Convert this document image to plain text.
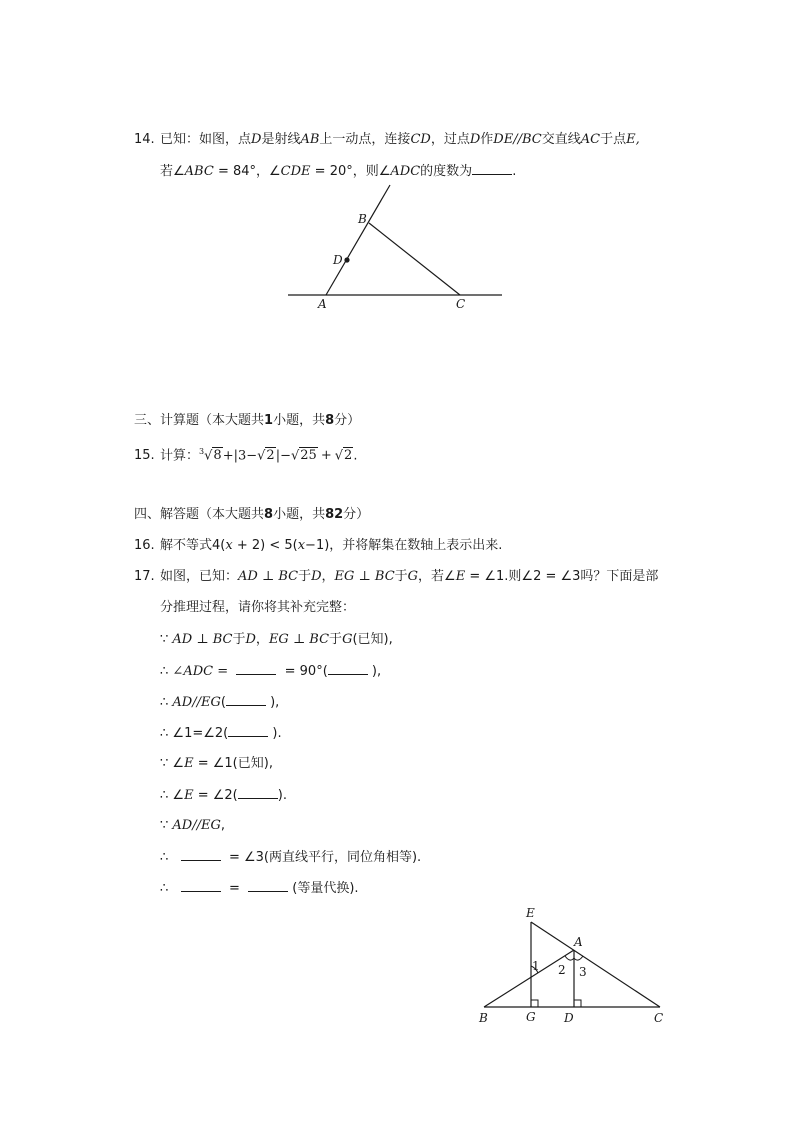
14. 已知：如图，点D是射线AB上一动点，连接CD，过点D作DE//BC交直线AC于点E,
若∠ABC = 84°，∠CDE = 20°，则∠ADC的度数为	.
B
D
A	C
三、计算题（本大题共1小题，共8分）
15. 计算：$^3$√8+|3−√2|−√25 + √2.
四、解答题（本大题共8小题，共82分）
16. 解不等式4(x + 2) < 5(x−1)，并将解集在数轴上表示出来.
17. 如图，已知：AD ⊥ BC于D，EG ⊥ BC于G，若∠E = ∠1.则∠2 = ∠3吗？下面是部
分推理过程，请你将其补充完整：
∵ AD ⊥ BC于D，EG ⊥ BC于G(已知),
∴ ∠ADC =	= 90°(	),
∴ AD//EG(	),
∴ ∠1=∠2(	).
∵ ∠E = ∠1(已知),
∴ ∠E = ∠2(	).
∵ AD//EG,
∴	= ∠3(两直线平行，同位角相等).
∴	=	(等量代换).
E
A
1 2 3
B	G D	C
